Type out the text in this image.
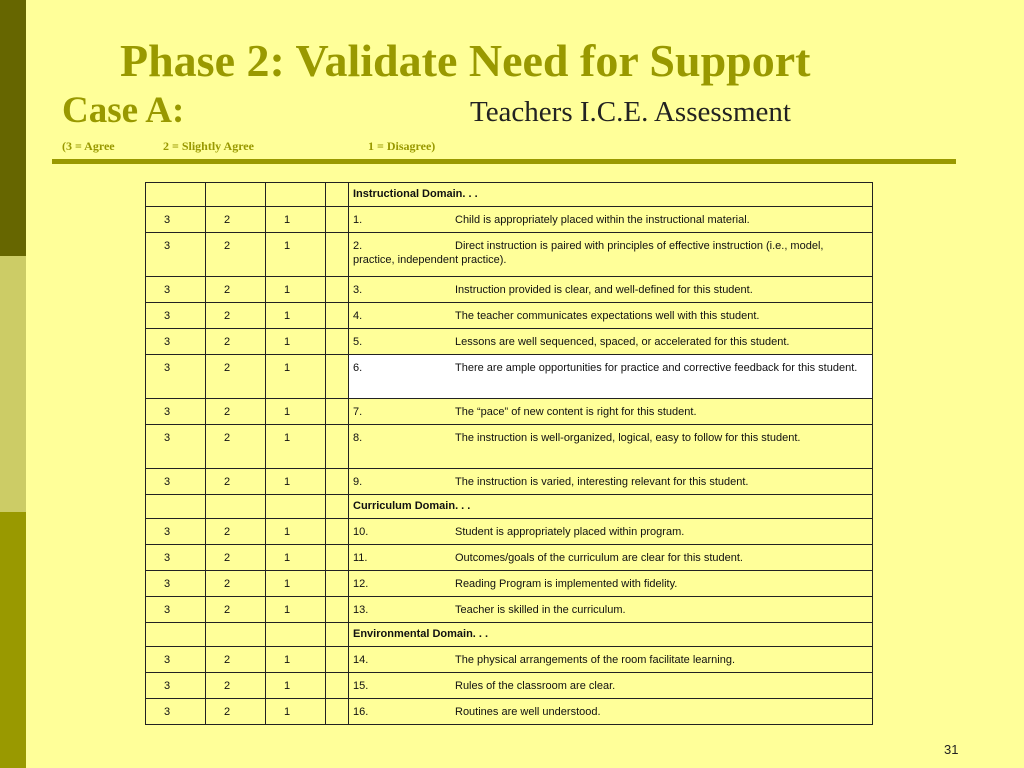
Phase 2: Validate Need for Support
Case A:	Teachers I.C.E. Assessment
(3 = Agree	2 = Slightly Agree	1 = Disagree)
				Instructional Domain. . .
3	2	1		1. Child is appropriately placed within the instructional material.
3	2	1		2. Direct instruction is paired with principles of effective instruction (i.e., model, practice, independent practice).
3	2	1		3. Instruction provided is clear, and well-defined for this student.
3	2	1		4. The teacher communicates expectations well with this student.
3	2	1		5. Lessons are well sequenced, spaced, or accelerated for this student.
3	2	1		6. There are ample opportunities for practice and corrective feedback for this student.
3	2	1		7. The “pace” of new content is right for this student.
3	2	1		8. The instruction is well-organized, logical, easy to follow for this student.
3	2	1		9. The instruction is varied, interesting relevant for this student.
				Curriculum Domain. . .
3	2	1		10. Student is appropriately placed within program.
3	2	1		11. Outcomes/goals of the curriculum are clear for this student.
3	2	1		12. Reading Program is implemented with fidelity.
3	2	1		13. Teacher is skilled in the curriculum.
				Environmental Domain. . .
3	2	1		14. The physical arrangements of the room facilitate learning.
3	2	1		15. Rules of the classroom are clear.
3	2	1		16. Routines are well understood.
31
